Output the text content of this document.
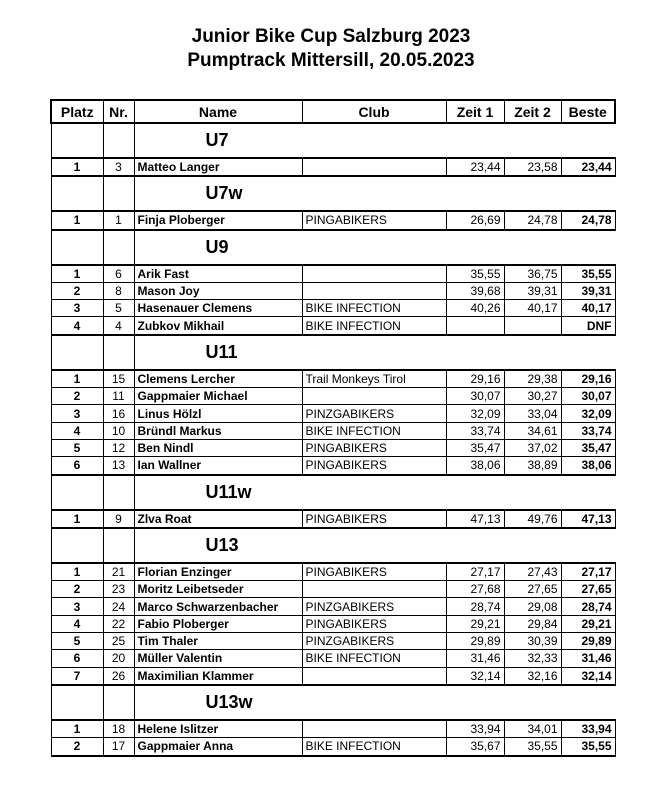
Junior Bike Cup Salzburg 2023
Pumptrack Mittersill, 20.05.2023
Platz	Nr.	Name	Club	Zeit 1	Zeit 2	Beste
		U7				
1	3	Matteo Langer		23,44	23,58	23,44
		U7w				
1	1	Finja Ploberger	PINGABIKERS	26,69	24,78	24,78
		U9				
1	6	Arik Fast		35,55	36,75	35,55
2	8	Mason Joy		39,68	39,31	39,31
3	5	Hasenauer Clemens	BIKE INFECTION	40,26	40,17	40,17
4	4	Zubkov Mikhail	BIKE INFECTION			DNF
		U11				
1	15	Clemens Lercher	Trail Monkeys Tirol	29,16	29,38	29,16
2	11	Gappmaier Michael		30,07	30,27	30,07
3	16	Linus Hölzl	PINZGABIKERS	32,09	33,04	32,09
4	10	Bründl Markus	BIKE INFECTION	33,74	34,61	33,74
5	12	Ben Nindl	PINGABIKERS	35,47	37,02	35,47
6	13	Ian Wallner	PINGABIKERS	38,06	38,89	38,06
		U11w				
1	9	Zlva Roat	PINGABIKERS	47,13	49,76	47,13
		U13				
1	21	Florian Enzinger	PINGABIKERS	27,17	27,43	27,17
2	23	Moritz Leibetseder		27,68	27,65	27,65
3	24	Marco Schwarzenbacher	PINZGABIKERS	28,74	29,08	28,74
4	22	Fabio Ploberger	PINGABIKERS	29,21	29,84	29,21
5	25	Tim Thaler	PINZGABIKERS	29,89	30,39	29,89
6	20	Müller Valentin	BIKE INFECTION	31,46	32,33	31,46
7	26	Maximilian Klammer		32,14	32,16	32,14
		U13w				
1	18	Helene Islitzer		33,94	34,01	33,94
2	17	Gappmaier Anna	BIKE INFECTION	35,67	35,55	35,55
